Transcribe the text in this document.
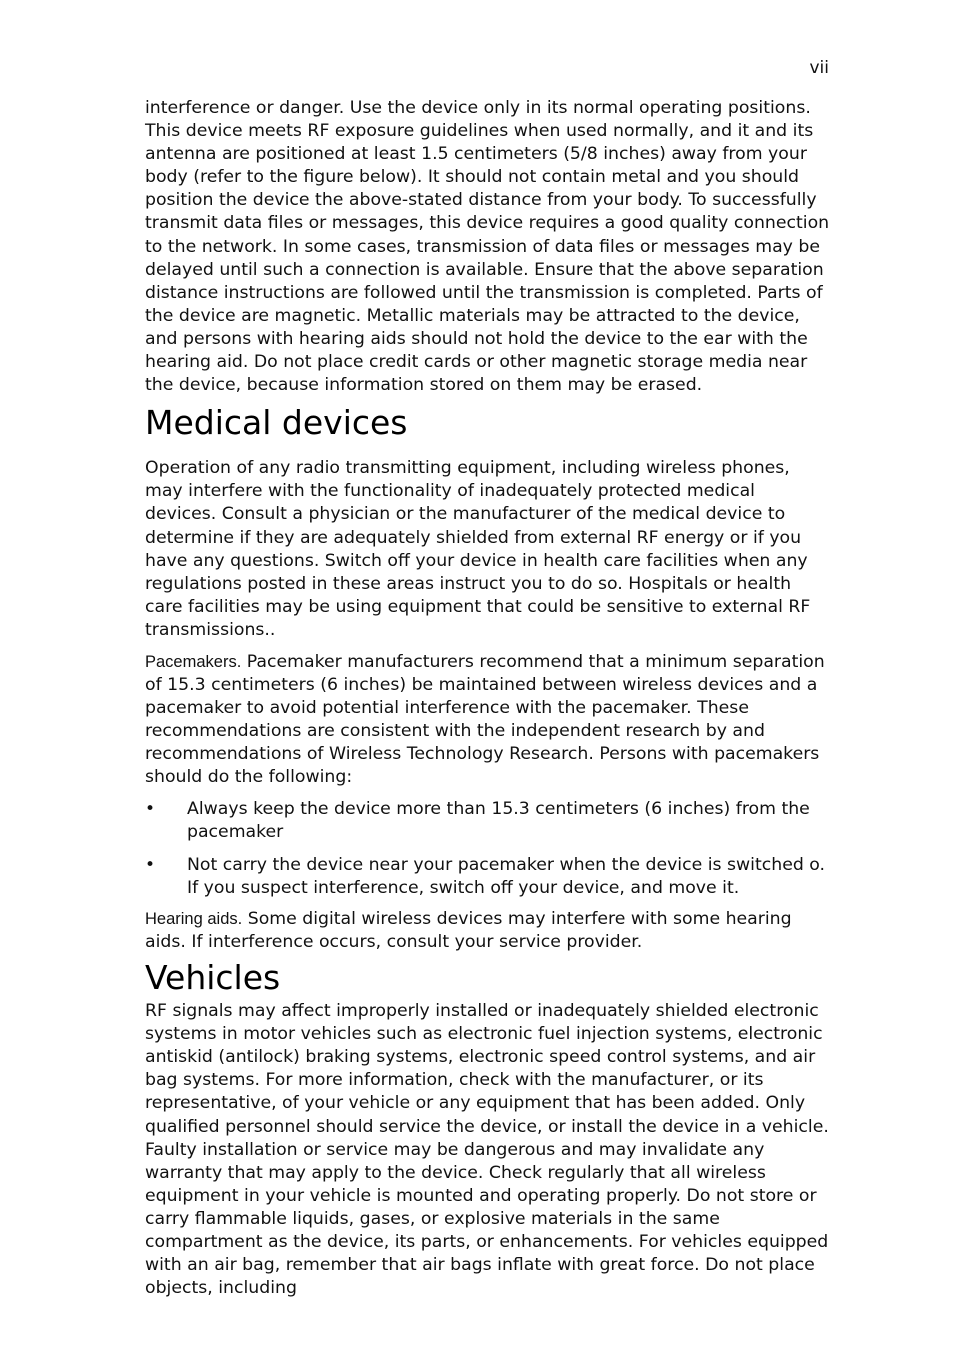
vii

interference or danger. Use the device only in its normal operating positions. This device meets RF exposure guidelines when used normally, and it and its antenna are positioned at least 1.5 centimeters (5/8 inches) away from your body (refer to the figure below). It should not contain metal and you should position the device the above-stated distance from your body. To successfully transmit data files or messages, this device requires a good quality connection to the network. In some cases, transmission of data files or messages may be delayed until such a connection is available. Ensure that the above separation distance instructions are followed until the transmission is completed. Parts of the device are magnetic. Metallic materials may be attracted to the device, and persons with hearing aids should not hold the device to the ear with the hearing aid. Do not place credit cards or other magnetic storage media near the device, because information stored on them may be erased.

Medical devices

Operation of any radio transmitting equipment, including wireless phones, may interfere with the functionality of inadequately protected medical devices. Consult a physician or the manufacturer of the medical device to determine if they are adequately shielded from external RF energy or if you have any questions. Switch off your device in health care facilities when any regulations posted in these areas instruct you to do so. Hospitals or health care facilities may be using equipment that could be sensitive to external RF transmissions..

Pacemakers. Pacemaker manufacturers recommend that a minimum separation of 15.3 centimeters (6 inches) be maintained between wireless devices and a pacemaker to avoid potential interference with the pacemaker. These recommendations are consistent with the independent research by and recommendations of Wireless Technology Research. Persons with pacemakers should do the following:

• Always keep the device more than 15.3 centimeters (6 inches) from the pacemaker
• Not carry the device near your pacemaker when the device is switched o. If you suspect interference, switch off your device, and move it.

Hearing aids. Some digital wireless devices may interfere with some hearing aids. If interference occurs, consult your service provider.

Vehicles

RF signals may affect improperly installed or inadequately shielded electronic systems in motor vehicles such as electronic fuel injection systems, electronic antiskid (antilock) braking systems, electronic speed control systems, and air bag systems. For more information, check with the manufacturer, or its representative, of your vehicle or any equipment that has been added. Only qualified personnel should service the device, or install the device in a vehicle. Faulty installation or service may be dangerous and may invalidate any warranty that may apply to the device. Check regularly that all wireless equipment in your vehicle is mounted and operating properly. Do not store or carry flammable liquids, gases, or explosive materials in the same compartment as the device, its parts, or enhancements. For vehicles equipped with an air bag, remember that air bags inflate with great force. Do not place objects, including
